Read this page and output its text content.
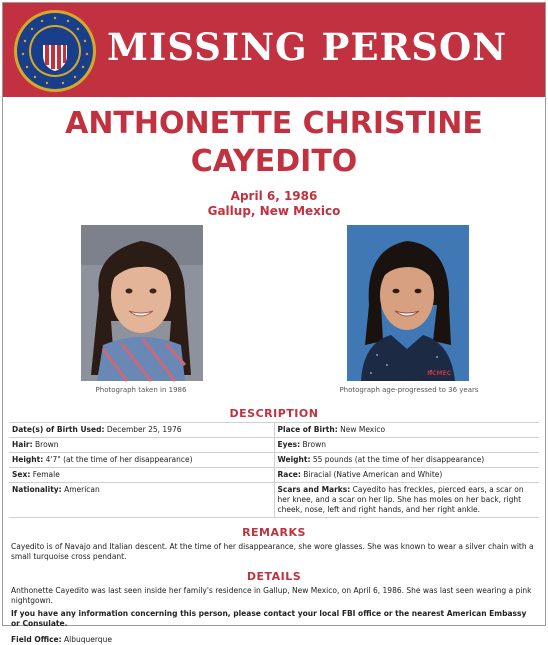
MISSING PERSON
ANTHONETTE CHRISTINE
CAYEDITO
April 6, 1986
Gallup, New Mexico
NCMEC
Photograph taken in 1986	Photograph age-progressed to 36 years
DESCRIPTION
Date(s) of Birth Used: December 25, 1976	Place of Birth: New Mexico
Hair: Brown	Eyes: Brown
Height: 4'7" (at the time of her disappearance)	Weight: 55 pounds (at the time of her disappearance)
Sex: Female	Race: Biracial (Native American and White)
Nationality: American	Scars and Marks: Cayedito has freckles, pierced ears, a scar on her knee, and a scar on her lip. She has moles on her back, right cheek, nose, left and right hands, and her right ankle.
REMARKS
Cayedito is of Navajo and Italian descent. At the time of her disappearance, she wore glasses. She was known to wear a silver chain with a small turquoise cross pendant.
DETAILS
Anthonette Cayedito was last seen inside her family's residence in Gallup, New Mexico, on April 6, 1986. She was last seen wearing a pink nightgown.
If you have any information concerning this person, please contact your local FBI office or the nearest American Embassy or Consulate.
Field Office: Albuquerque
